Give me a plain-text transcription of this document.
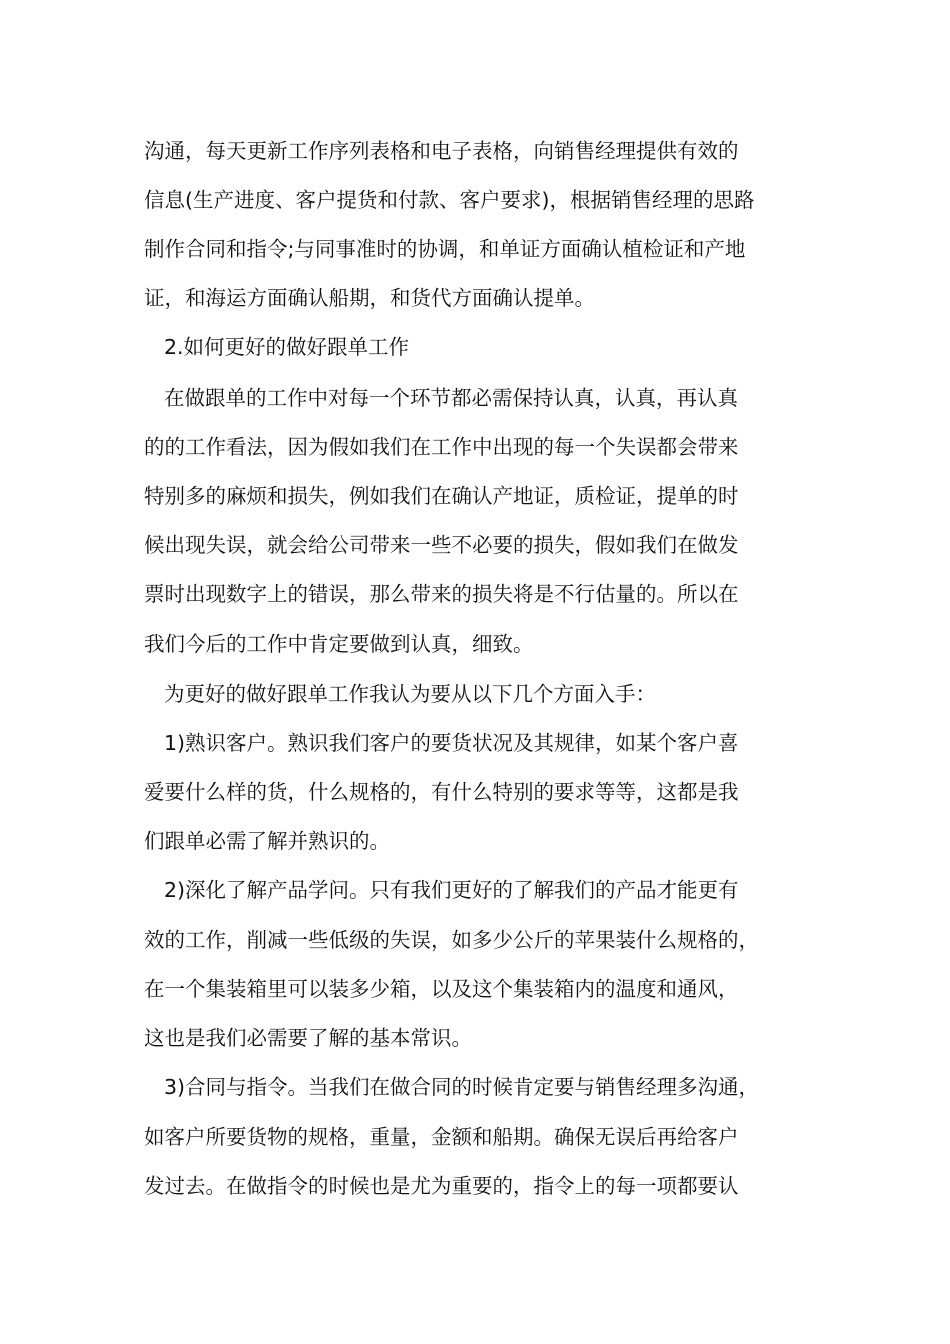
沟通，每天更新工作序列表格和电子表格，向销售经理提供有效的
信息(生产进度、客户提货和付款、客户要求)，根据销售经理的思路
制作合同和指令;与同事准时的协调，和单证方面确认植检证和产地
证，和海运方面确认船期，和货代方面确认提单。
2.如何更好的做好跟单工作
在做跟单的工作中对每一个环节都必需保持认真，认真，再认真
的的工作看法，因为假如我们在工作中出现的每一个失误都会带来
特别多的麻烦和损失，例如我们在确认产地证，质检证，提单的时
候出现失误，就会给公司带来一些不必要的损失，假如我们在做发
票时出现数字上的错误，那么带来的损失将是不行估量的。所以在
我们今后的工作中肯定要做到认真，细致。
为更好的做好跟单工作我认为要从以下几个方面入手：
1)熟识客户。熟识我们客户的要货状况及其规律，如某个客户喜
爱要什么样的货，什么规格的，有什么特别的要求等等，这都是我
们跟单必需了解并熟识的。
2)深化了解产品学问。只有我们更好的了解我们的产品才能更有
效的工作，削减一些低级的失误，如多少公斤的苹果装什么规格的，
在一个集装箱里可以装多少箱，以及这个集装箱内的温度和通风，
这也是我们必需要了解的基本常识。
3)合同与指令。当我们在做合同的时候肯定要与销售经理多沟通，
如客户所要货物的规格，重量，金额和船期。确保无误后再给客户
发过去。在做指令的时候也是尤为重要的，指令上的每一项都要认
